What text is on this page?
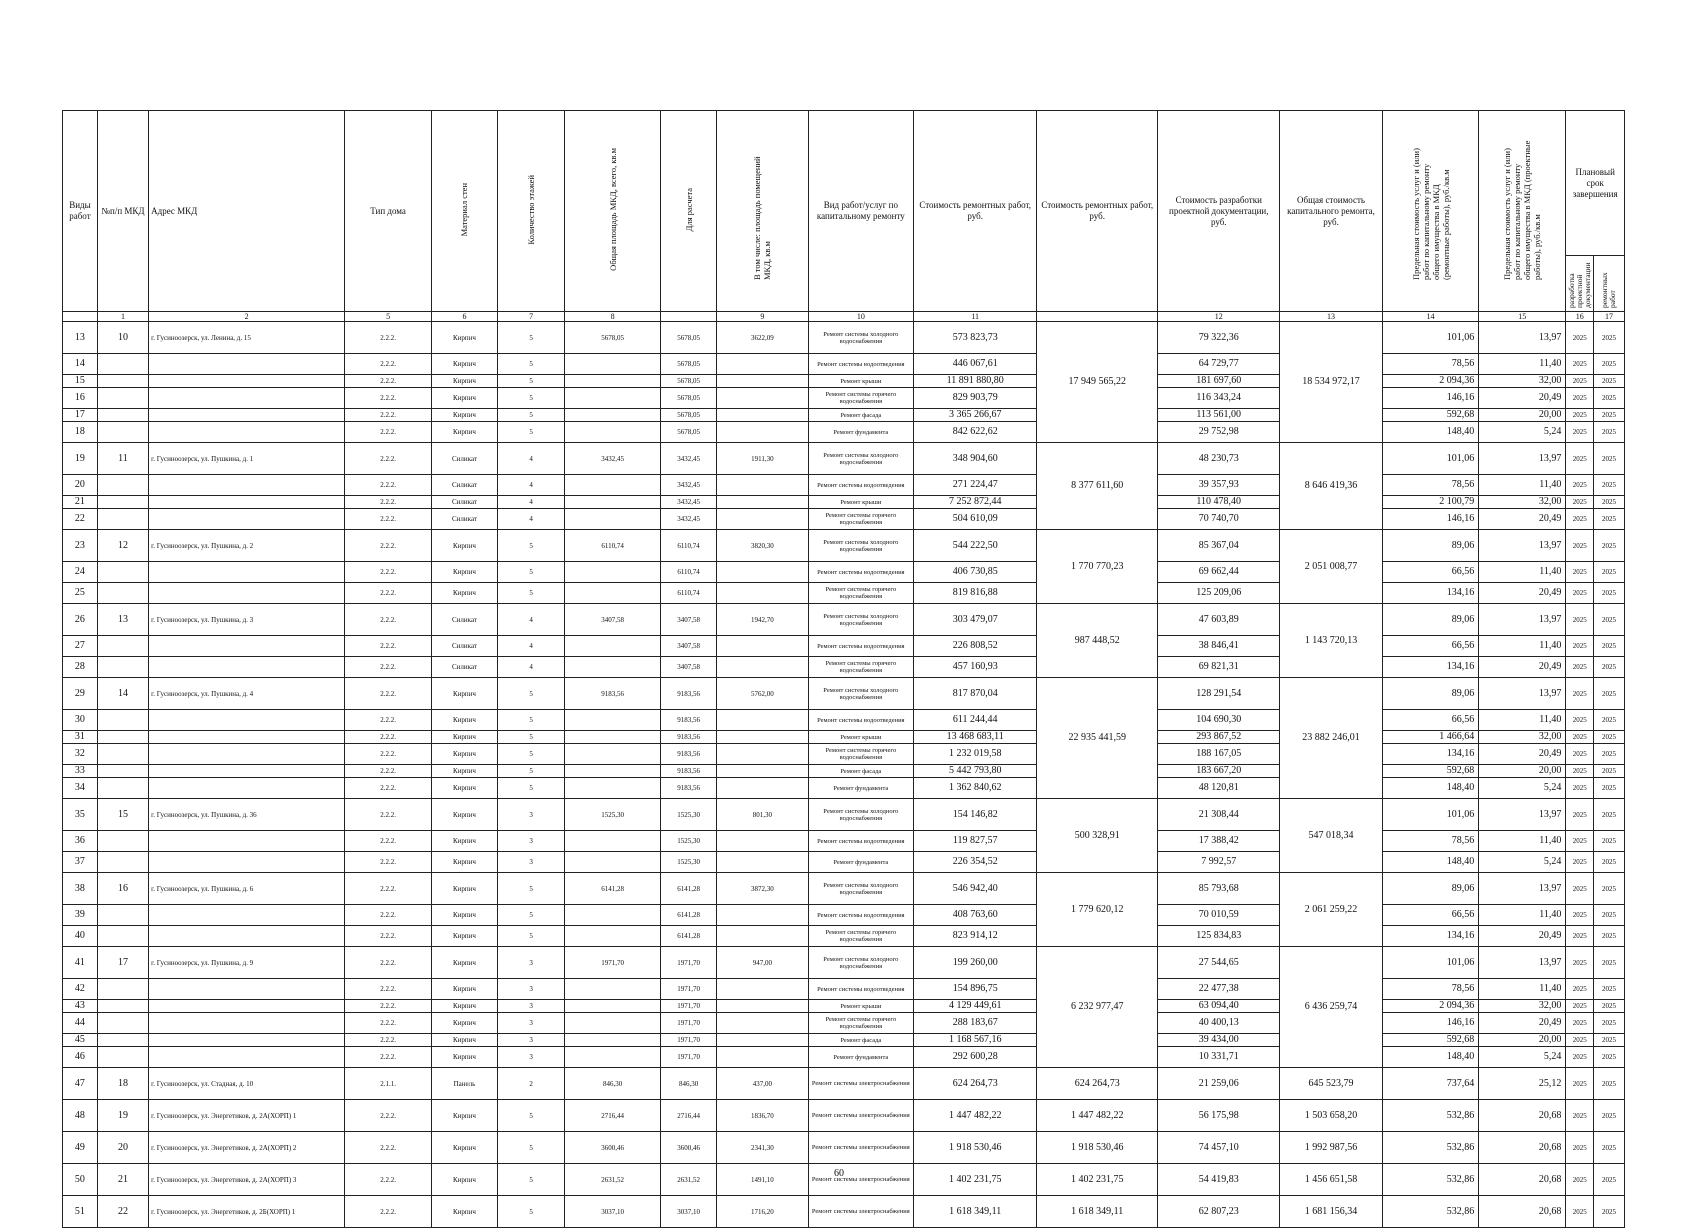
Виды работ	№п/п МКД	Адрес МКД	Тип дома	Материал стен	Количество этажей	Общая площадь МКД, всего, кв.м	Для расчета	В том числе: площадь помещений МКД, кв.м	Вид работ/услуг по капитальному ремонту	Стоимость ремонтных работ, руб.	Стоимость ремонтных работ, руб.	Стоимость разработки проектной документации, руб.	Общая стоимость капитального ремонта, руб.	Предельная стоимость услуг и (или) работ по капитальному ремонту общего имущества в МКД (ремонтные работы), руб./кв.м	Предельная стоимость услуг и (или) работ по капитальному ремонту общего имущества в МКД (проектные работы), руб./кв.м	Плановый срок завершения	
																разработка проектной документации	ремонтных работ
	1	2	5	6	7	8		9	10	11		12	13	14	15	16	17
13	10	г. Гусиноозерск, ул. Ленина, д. 15	2.2.2.	Кирпич	5	5678,05	5678,05	3622,09	Ремонт системы холодного водоснабжения	573 823,73	17 949 565,22	79 322,36	18 534 972,17	101,06	13,97	2025	2025
14			2.2.2.	Кирпич	5		5678,05		Ремонт системы водоотведения	446 067,61		64 729,77		78,56	11,40	2025	2025
15			2.2.2.	Кирпич	5		5678,05		Ремонт крыши	11 891 880,80		181 697,60		2 094,36	32,00	2025	2025
16			2.2.2.	Кирпич	5		5678,05		Ремонт системы горячего водоснабжения	829 903,79		116 343,24		146,16	20,49	2025	2025
17			2.2.2.	Кирпич	5		5678,05		Ремонт фасада	3 365 266,67		113 561,00		592,68	20,00	2025	2025
18			2.2.2.	Кирпич	5		5678,05		Ремонт фундамента	842 622,62		29 752,98		148,40	5,24	2025	2025
19	11	г. Гусиноозерск, ул. Пушкина, д. 1	2.2.2.	Силикат	4	3432,45	3432,45	1911,30	Ремонт системы холодного водоснабжения	348 904,60	8 377 611,60	48 230,73	8 646 419,36	101,06	13,97	2025	2025
20			2.2.2.	Силикат	4		3432,45		Ремонт системы водоотведения	271 224,47		39 357,93		78,56	11,40	2025	2025
21			2.2.2.	Силикат	4		3432,45		Ремонт крыши	7 252 872,44		110 478,40		2 100,79	32,00	2025	2025
22			2.2.2.	Силикат	4		3432,45		Ремонт системы горячего водоснабжения	504 610,09		70 740,70		146,16	20,49	2025	2025
23	12	г. Гусиноозерск, ул. Пушкина, д. 2	2.2.2.	Кирпич	5	6110,74	6110,74	3820,30	Ремонт системы холодного водоснабжения	544 222,50	1 770 770,23	85 367,04	2 051 008,77	89,06	13,97	2025	2025
24			2.2.2.	Кирпич	5		6110,74		Ремонт системы водоотведения	406 730,85		69 662,44		66,56	11,40	2025	2025
25			2.2.2.	Кирпич	5		6110,74		Ремонт системы горячего водоснабжения	819 816,88		125 209,06		134,16	20,49	2025	2025
26	13	г. Гусиноозерск, ул. Пушкина, д. 3	2.2.2.	Силикат	4	3407,58	3407,58	1942,70	Ремонт системы холодного водоснабжения	303 479,07	987 448,52	47 603,89	1 143 720,13	89,06	13,97	2025	2025
27			2.2.2.	Силикат	4		3407,58		Ремонт системы водоотведения	226 808,52		38 846,41		66,56	11,40	2025	2025
28			2.2.2.	Силикат	4		3407,58		Ремонт системы горячего водоснабжения	457 160,93		69 821,31		134,16	20,49	2025	2025
29	14	г. Гусиноозерск, ул. Пушкина, д. 4	2.2.2.	Кирпич	5	9183,56	9183,56	5762,00	Ремонт системы холодного водоснабжения	817 870,04	22 935 441,59	128 291,54	23 882 246,01	89,06	13,97	2025	2025
30			2.2.2.	Кирпич	5		9183,56		Ремонт системы водоотведения	611 244,44		104 690,30		66,56	11,40	2025	2025
31			2.2.2.	Кирпич	5		9183,56		Ремонт крыши	13 468 683,11		293 867,52		1 466,64	32,00	2025	2025
32			2.2.2.	Кирпич	5		9183,56		Ремонт системы горячего водоснабжения	1 232 019,58		188 167,05		134,16	20,49	2025	2025
33			2.2.2.	Кирпич	5		9183,56		Ремонт фасада	5 442 793,80		183 667,20		592,68	20,00	2025	2025
34			2.2.2.	Кирпич	5		9183,56		Ремонт фундамента	1 362 840,62		48 120,81		148,40	5,24	2025	2025
35	15	г. Гусиноозерск, ул. Пушкина, д. 36	2.2.2.	Кирпич	3	1525,30	1525,30	801,30	Ремонт системы холодного водоснабжения	154 146,82	500 328,91	21 308,44	547 018,34	101,06	13,97	2025	2025
36			2.2.2.	Кирпич	3		1525,30		Ремонт системы водоотведения	119 827,57		17 388,42		78,56	11,40	2025	2025
37			2.2.2.	Кирпич	3		1525,30		Ремонт фундамента	226 354,52		7 992,57		148,40	5,24	2025	2025
38	16	г. Гусиноозерск, ул. Пушкина, д. 6	2.2.2.	Кирпич	5	6141,28	6141,28	3872,30	Ремонт системы холодного водоснабжения	546 942,40	1 779 620,12	85 793,68	2 061 259,22	89,06	13,97	2025	2025
39			2.2.2.	Кирпич	5		6141,28		Ремонт системы водоотведения	408 763,60		70 010,59		66,56	11,40	2025	2025
40			2.2.2.	Кирпич	5		6141,28		Ремонт системы горячего водоснабжения	823 914,12		125 834,83		134,16	20,49	2025	2025
41	17	г. Гусиноозерск, ул. Пушкина, д. 9	2.2.2.	Кирпич	3	1971,70	1971,70	947,00	Ремонт системы холодного водоснабжения	199 260,00	6 232 977,47	27 544,65	6 436 259,74	101,06	13,97	2025	2025
42			2.2.2.	Кирпич	3		1971,70		Ремонт системы водоотведения	154 896,75		22 477,38		78,56	11,40	2025	2025
43			2.2.2.	Кирпич	3		1971,70		Ремонт крыши	4 129 449,61		63 094,40		2 094,36	32,00	2025	2025
44			2.2.2.	Кирпич	3		1971,70		Ремонт системы горячего водоснабжения	288 183,67		40 400,13		146,16	20,49	2025	2025
45			2.2.2.	Кирпич	3		1971,70		Ремонт фасада	1 168 567,16		39 434,00		592,68	20,00	2025	2025
46			2.2.2.	Кирпич	3		1971,70		Ремонт фундамента	292 600,28		10 331,71		148,40	5,24	2025	2025
47	18	г. Гусиноозерск, ул. Стадная, д. 10	2.1.1.	Панель	2	846,30	846,30	437,00	Ремонт системы электроснабжения	624 264,73	624 264,73	21 259,06	645 523,79	737,64	25,12	2025	2025
48	19	г. Гусиноозерск, ул. Энергетиков, д. 2А(ХОРП) 1	2.2.2.	Кирпич	5	2716,44	2716,44	1836,70	Ремонт системы электроснабжения	1 447 482,22	1 447 482,22	56 175,98	1 503 658,20	532,86	20,68	2025	2025
49	20	г. Гусиноозерск, ул. Энергетиков, д. 2А(ХОРП) 2	2.2.2.	Кирпич	5	3600,46	3600,46	2341,30	Ремонт системы электроснабжения	1 918 530,46	1 918 530,46	74 457,10	1 992 987,56	532,86	20,68	2025	2025
50	21	г. Гусиноозерск, ул. Энергетиков, д. 2А(ХОРП) 3	2.2.2.	Кирпич	5	2631,52	2631,52	1491,10	Ремонт системы электроснабжения	1 402 231,75	1 402 231,75	54 419,83	1 456 651,58	532,86	20,68	2025	2025
51	22	г. Гусиноозерск, ул. Энергетиков, д. 2Б(ХОРП) 1	2.2.2.	Кирпич	5	3037,10	3037,10	1716,20	Ремонт системы электроснабжения	1 618 349,11	1 618 349,11	62 807,23	1 681 156,34	532,86	20,68	2025	2025
60
